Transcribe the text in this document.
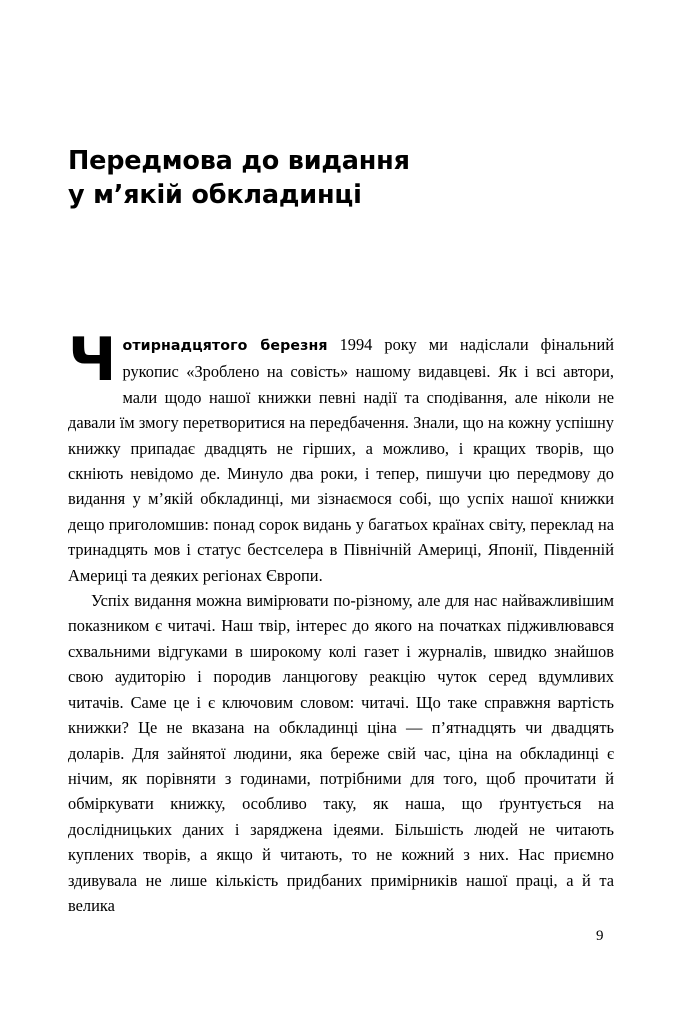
Передмова до видання
у м’якій обкладинці

Чотирнадцятого березня 1994 року ми надіслали фінальний рукопис «Зроблено на совість» нашому видавцеві. Як і всі автори, мали щодо нашої книжки певні надії та сподівання, але ніколи не давали їм змогу перетворитися на передбачення. Знали, що на кожну успішну книжку припадає двадцять не гірших, а можливо, і кращих творів, що скніють невідомо де. Минуло два роки, і тепер, пишучи цю передмову до видання у м’якій обкладинці, ми зізнаємося собі, що успіх нашої книжки дещо приголомшив: понад сорок видань у багатьох країнах світу, переклад на тринадцять мов і статус бестселера в Північній Америці, Японії, Південній Америці та деяких регіонах Європи.

Успіх видання можна вимірювати по-різному, але для нас найважливішим показником є читачі. Наш твір, інтерес до якого на початках підживлювався схвальними відгуками в широкому колі газет і журналів, швидко знайшов свою аудиторію і породив ланцюгову реакцію чуток серед вдумливих читачів. Саме це і є ключовим словом: читачі. Що таке справжня вартість книжки? Це не вказана на обкладинці ціна — п’ятнадцять чи двадцять доларів. Для зайнятої людини, яка береже свій час, ціна на обкладинці є нічим, як порівняти з годинами, потрібними для того, щоб прочитати й обміркувати книжку, особливо таку, як наша, що ґрунтується на дослідницьких даних і заряджена ідеями. Більшість людей не читають куплених творів, а якщо й читають, то не кожний з них. Нас приємно здивувала не лише кількість придбаних примірників нашої праці, а й та велика

9
